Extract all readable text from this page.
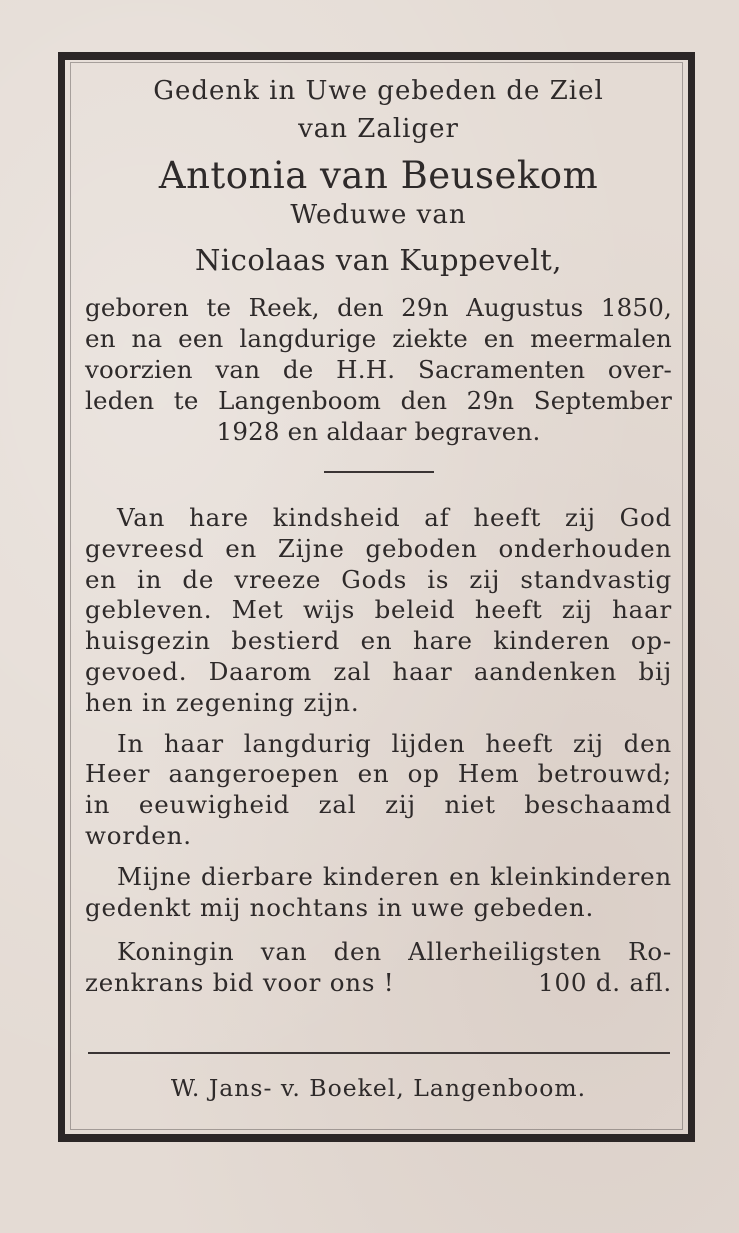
Gedenk in Uwe gebeden de Ziel
van Zaliger
Antonia van Beusekom
Weduwe van
Nicolaas van Kuppevelt,
geboren te Reek, den 29n Augustus 1850,
en na een langdurige ziekte en meermalen
voorzien van de H.H. Sacramenten over-
leden te Langenboom den 29n September
1928 en aldaar begraven.
Van hare kindsheid af heeft zij God
gevreesd en Zijne geboden onderhouden
en in de vreeze Gods is zij standvastig
gebleven. Met wijs beleid heeft zij haar
huisgezin bestierd en hare kinderen op-
gevoed. Daarom zal haar aandenken bij
hen in zegening zijn.
In haar langdurig lijden heeft zij den
Heer aangeroepen en op Hem betrouwd;
in eeuwigheid zal zij niet beschaamd
worden.
Mijne dierbare kinderen en kleinkinderen
gedenkt mij nochtans in uwe gebeden.
Koningin van den Allerheiligsten Ro-
zenkrans bid voor ons !	100 d. afl.
W. Jans- v. Boekel, Langenboom.
